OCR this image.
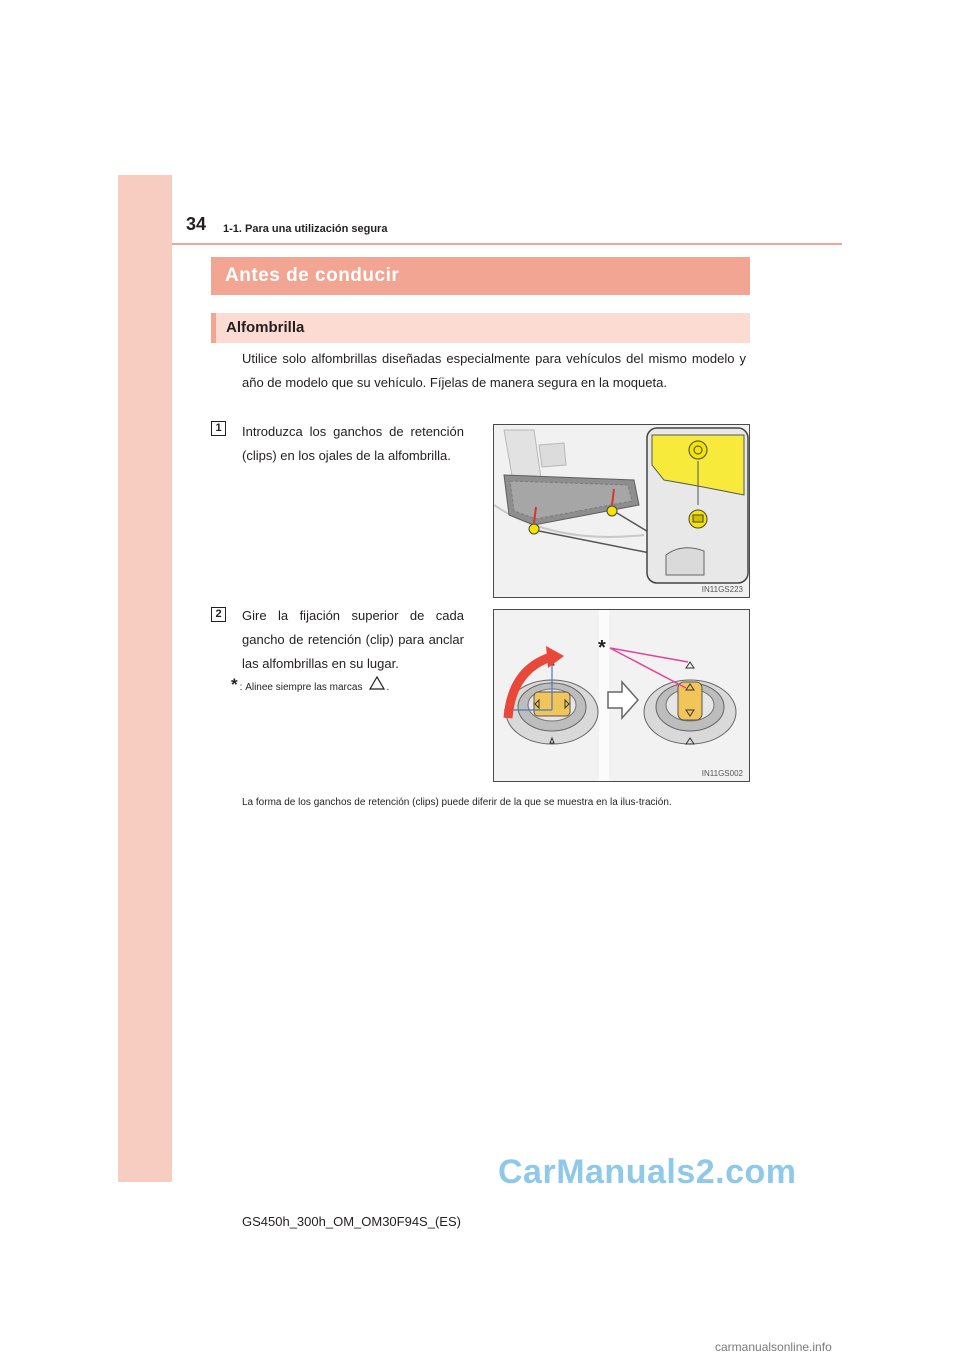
34 1-1. Para una utilización segura
Antes de conducir
Alfombrilla

Utilice solo alfombrillas diseñadas especialmente para vehículos del mismo modelo y año de modelo que su vehículo. Fíjelas de manera segura en la moqueta.

1	Introduzca los ganchos de retención (clips) en los ojales de la alfombrilla.

IN11GS223
2	Gire la fijación superior de cada gancho de retención (clip) para anclar las alfombrillas en su lugar.

* : Alinee siempre las marcas .
*
IN11GS002

La forma de los ganchos de retención (clips) puede diferir de la que se muestra en la ilus-tración.

CarManuals2.com
GS450h_300h_OM_OM30F94S_(ES)
carmanualsonline.info
